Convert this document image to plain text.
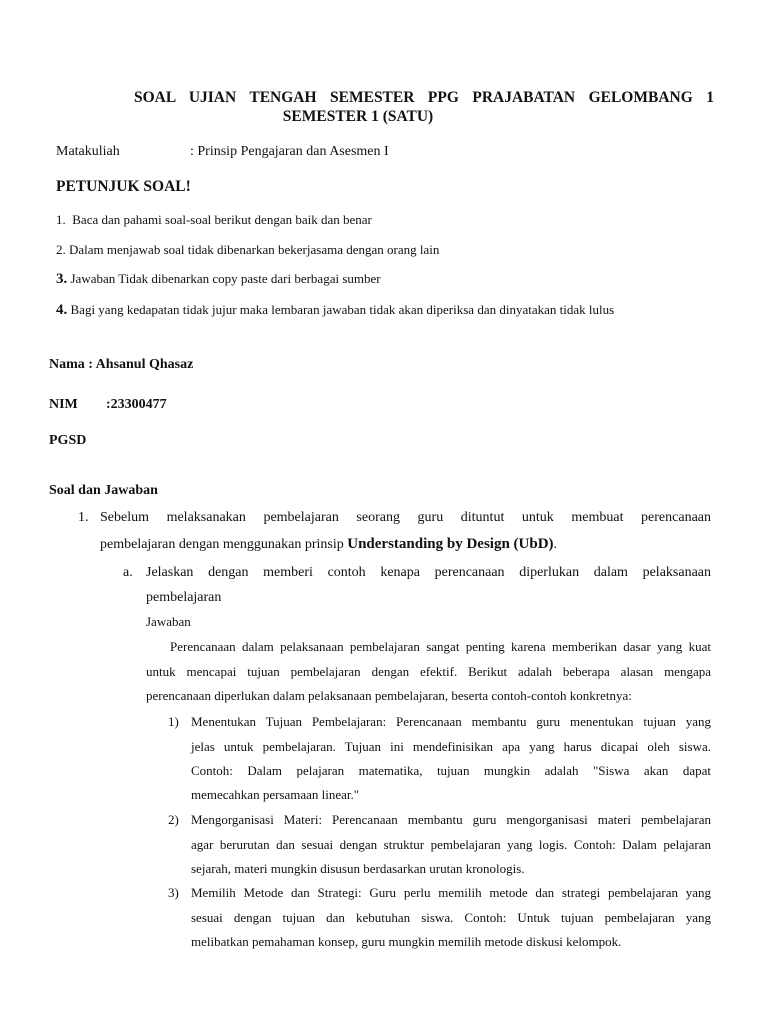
SOAL UJIAN TENGAH SEMESTER PPG PRAJABATAN GELOMBANG 1
SEMESTER 1 (SATU)
Matakuliah	: Prinsip Pengajaran dan Asesmen I
PETUNJUK SOAL!
1. Baca dan pahami soal-soal berikut dengan baik dan benar
2. Dalam menjawab soal tidak dibenarkan bekerjasama dengan orang lain
3. Jawaban Tidak dibenarkan copy paste dari berbagai sumber
4. Bagi yang kedapatan tidak jujur maka lembaran jawaban tidak akan diperiksa dan dinyatakan tidak lulus
Nama : Ahsanul Qhasaz
NIM :23300477
PGSD
Soal dan Jawaban
1. Sebelum melaksanakan pembelajaran seorang guru dituntut untuk membuat perencanaan
pembelajaran dengan menggunakan prinsip Understanding by Design (UbD).
a. Jelaskan dengan memberi contoh kenapa perencanaan diperlukan dalam pelaksanaan
pembelajaran
Jawaban
Perencanaan dalam pelaksanaan pembelajaran sangat penting karena memberikan dasar yang kuat
untuk mencapai tujuan pembelajaran dengan efektif. Berikut adalah beberapa alasan mengapa
perencanaan diperlukan dalam pelaksanaan pembelajaran, beserta contoh-contoh konkretnya:
1) Menentukan Tujuan Pembelajaran: Perencanaan membantu guru menentukan tujuan yang
jelas untuk pembelajaran. Tujuan ini mendefinisikan apa yang harus dicapai oleh siswa.
Contoh: Dalam pelajaran matematika, tujuan mungkin adalah "Siswa akan dapat
memecahkan persamaan linear."
2) Mengorganisasi Materi: Perencanaan membantu guru mengorganisasi materi pembelajaran
agar berurutan dan sesuai dengan struktur pembelajaran yang logis. Contoh: Dalam pelajaran
sejarah, materi mungkin disusun berdasarkan urutan kronologis.
3) Memilih Metode dan Strategi: Guru perlu memilih metode dan strategi pembelajaran yang
sesuai dengan tujuan dan kebutuhan siswa. Contoh: Untuk tujuan pembelajaran yang
melibatkan pemahaman konsep, guru mungkin memilih metode diskusi kelompok.
